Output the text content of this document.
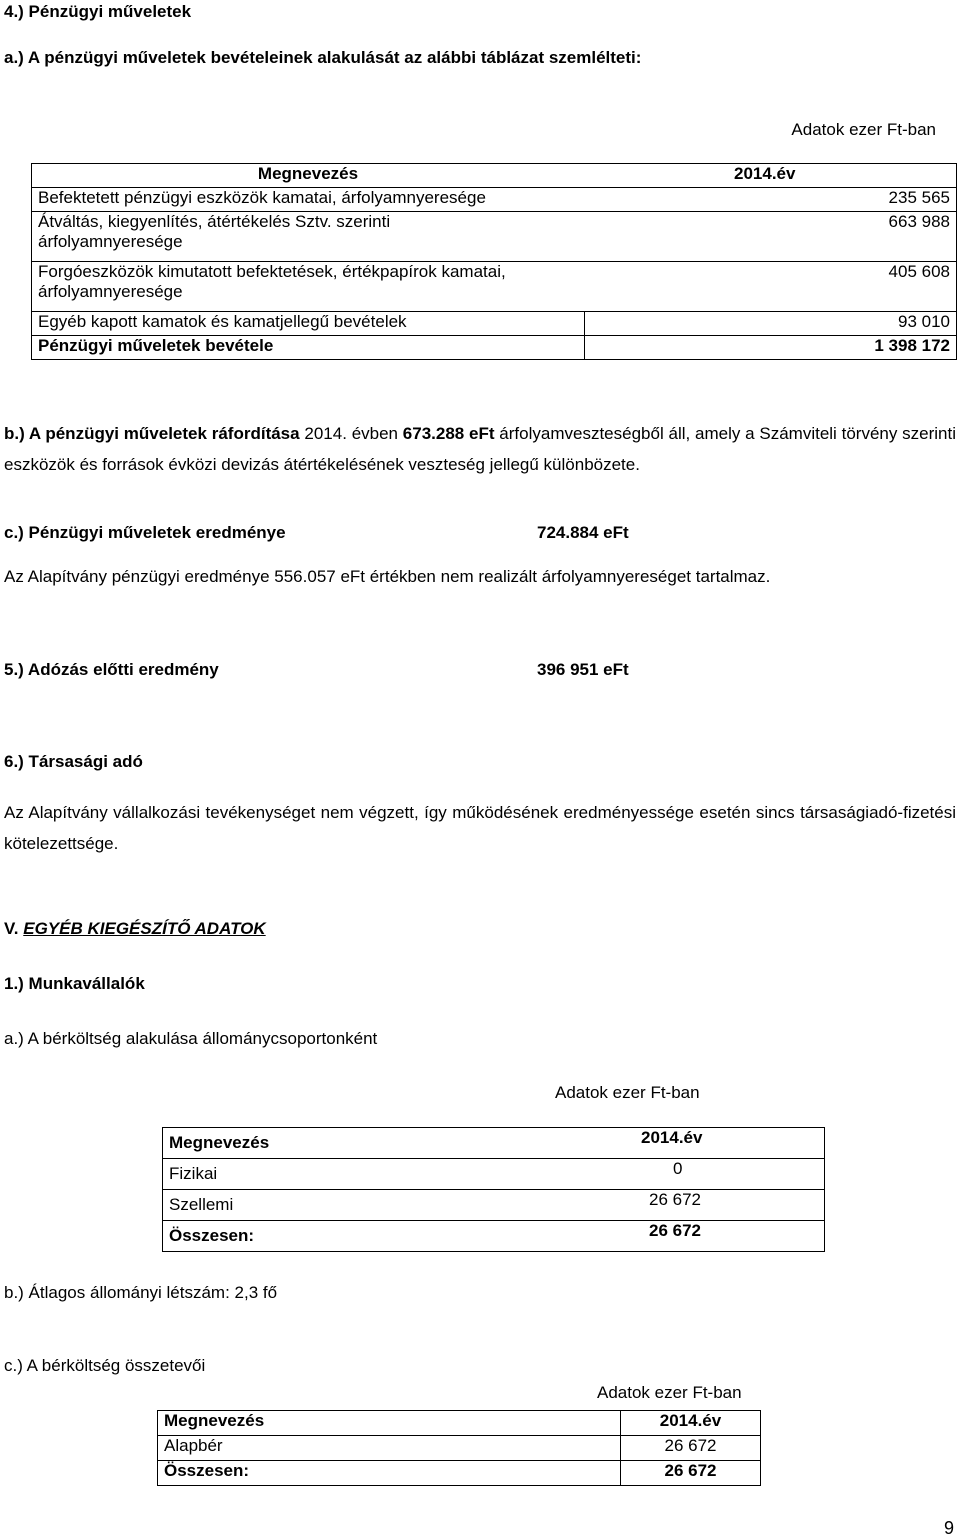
4.) Pénzügyi műveletek
a.) A pénzügyi műveletek bevételeinek alakulását az alábbi táblázat szemlélteti:
Adatok ezer Ft-ban
Megnevezés	2014.év
Befektetett pénzügyi eszközök kamatai, árfolyamnyeresége	235 565

Átváltás, kiegyenlítés, átértékelés Sztv. szerinti árfolyamnyeresége	663 988

Forgóeszközök kimutatott befektetések, értékpapírok kamatai, árfolyamnyeresége	405 608
Egyéb kapott kamatok és kamatjellegű bevételek	93 010
Pénzügyi műveletek bevétele	1 398 172
b.) A pénzügyi műveletek ráfordítása 2014. évben 673.288 eFt árfolyamveszteségből áll, amely a Számviteli törvény szerinti eszközök és források évközi devizás átértékelésének veszteség jellegű különbözete.
c.) Pénzügyi műveletek eredménye	724.884 eFt
Az Alapítvány pénzügyi eredménye 556.057 eFt értékben nem realizált árfolyamnyereséget tartalmaz.
5.) Adózás előtti eredmény	396 951 eFt
6.) Társasági adó
Az Alapítvány vállalkozási tevékenységet nem végzett, így működésének eredményessége esetén sincs társaságiadó-fizetési kötelezettsége.
V. EGYÉB KIEGÉSZÍTŐ ADATOK
1.) Munkavállalók
a.) A bérköltség alakulása állománycsoportonként
Adatok ezer Ft-ban
Megnevezés	2014.év
Fizikai	0
Szellemi	26 672
Összesen:	26 672
b.) Átlagos állományi létszám: 2,3 fő
c.) A bérköltség összetevői
Adatok ezer Ft-ban
Megnevezés	2014.év
Alapbér	26 672
Összesen:	26 672
9
